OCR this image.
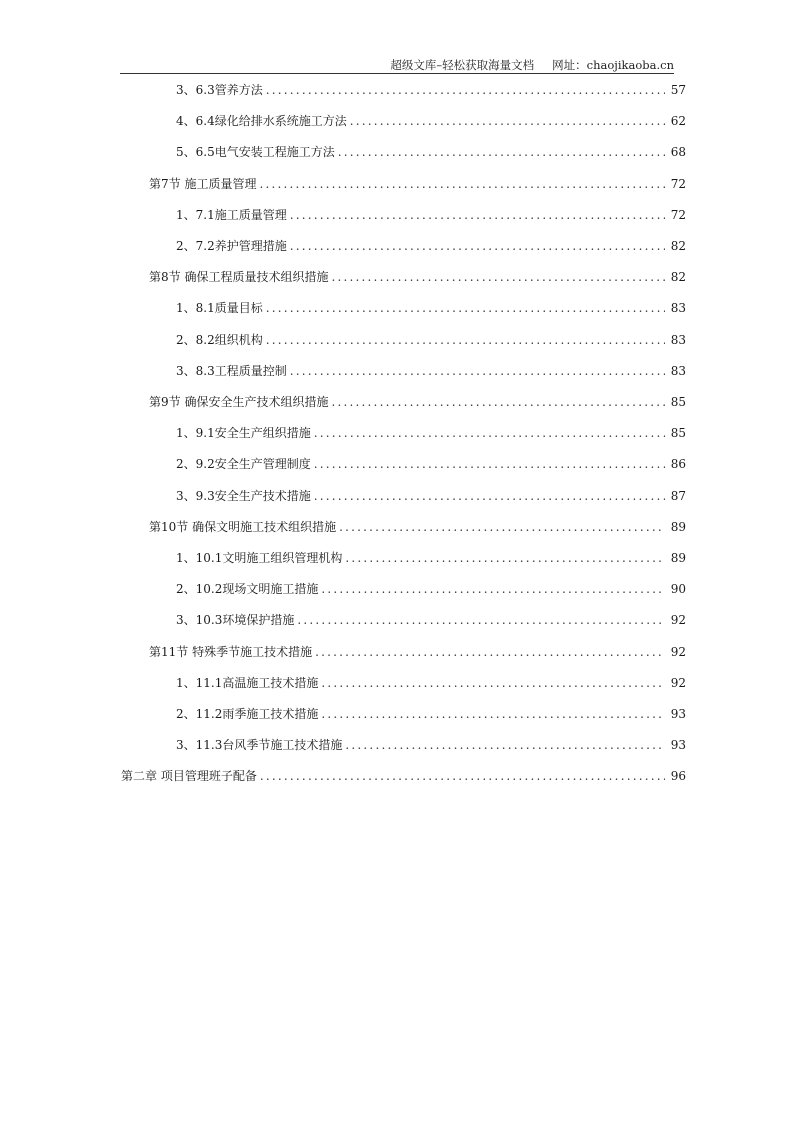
超级文库–轻松获取海量文档 网址：chaojikaoba.cn
3、 6.3管养方法 .....	57
4、 6.4绿化给排水系统施工方法 .....	62
5、 6.5电气安装工程施工方法 .....	68
第7节 施工质量管理 .....	72
1、 7.1施工质量管理 .....	72
2、 7.2养护管理措施 .....	82
第8节 确保工程质量技术组织措施 .....	82
1、 8.1质量目标 .....	83
2、 8.2组织机构 .....	83
3、 8.3工程质量控制 .....	83
第9节 确保安全生产技术组织措施 .....	85
1、 9.1安全生产组织措施 .....	85
2、 9.2安全生产管理制度 .....	86
3、 9.3安全生产技术措施 .....	87
第10节 确保文明施工技术组织措施 .....	89
1、 10.1文明施工组织管理机构 .....	89
2、 10.2现场文明施工措施 .....	90
3、 10.3环境保护措施 .....	92
第11节 特殊季节施工技术措施 .....	92
1、 11.1高温施工技术措施 .....	92
2、 11.2雨季施工技术措施 .....	93
3、 11.3台风季节施工技术措施 .....	93
第二章 项目管理班子配备 .....	96
